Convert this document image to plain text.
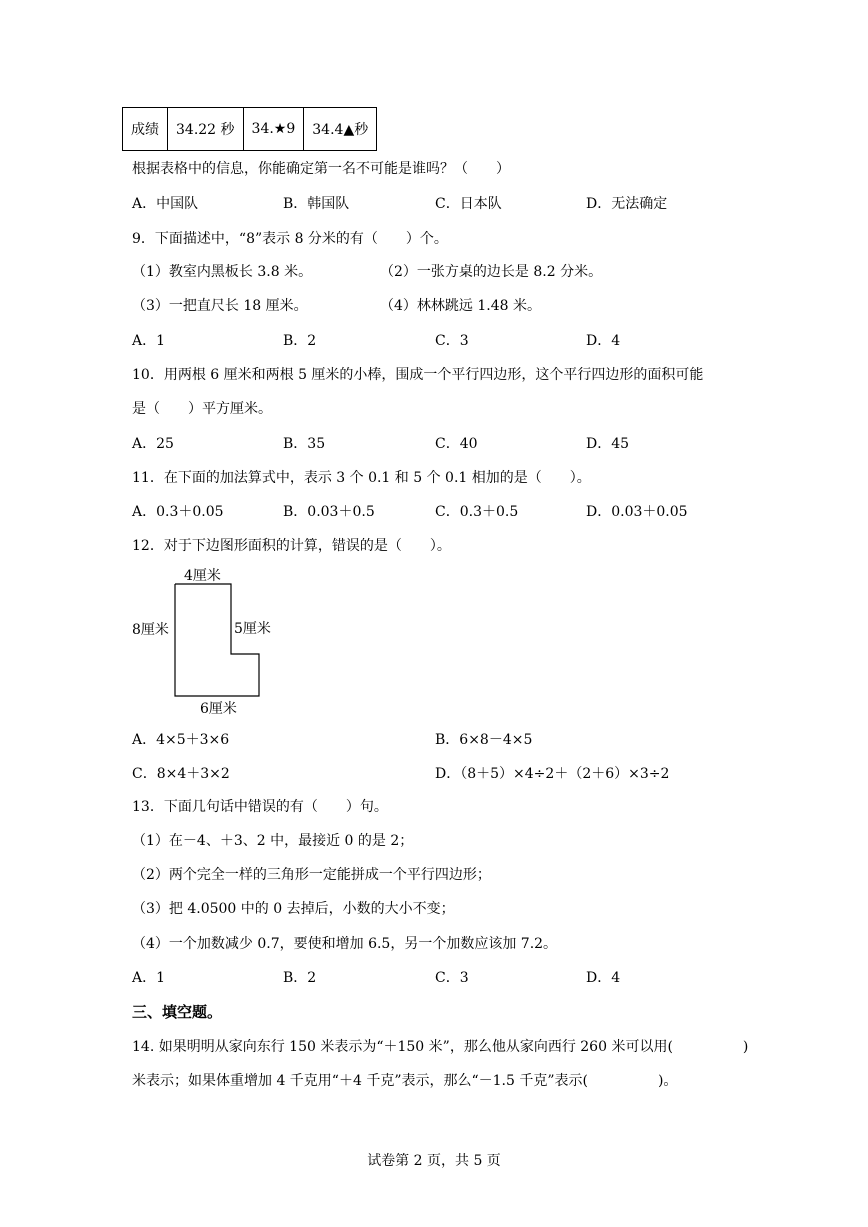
成绩	34.22 秒	34.★9	34.4▲秒
根据表格中的信息，你能确定第一名不可能是谁吗？（　　）
A．中国队	B．韩国队	C．日本队	D．无法确定
9．下面描述中，“8”表示 8 分米的有（　　）个。
（1）教室内黑板长 3.8 米。	（2）一张方桌的边长是 8.2 分米。
（3）一把直尺长 18 厘米。	（4）林林跳远 1.48 米。
A．1	B．2	C．3	D．4
10．用两根 6 厘米和两根 5 厘米的小棒，围成一个平行四边形，这个平行四边形的面积可能
是（　　）平方厘米。
A．25	B．35	C．40	D．45
11．在下面的加法算式中，表示 3 个 0.1 和 5 个 0.1 相加的是（　　）。
A．0.3＋0.05	B．0.03＋0.5	C．0.3＋0.5	D．0.03＋0.05
12．对于下边图形面积的计算，错误的是（　　）。
4厘米
8厘米	5厘米
6厘米
A．4×5＋3×6	B．6×8－4×5
C．8×4＋3×2	D．（8＋5）×4÷2＋（2＋6）×3÷2
13．下面几句话中错误的有（　　）句。
（1）在－4、＋3、2 中，最接近 0 的是 2；
（2）两个完全一样的三角形一定能拼成一个平行四边形；
（3）把 4.0500 中的 0 去掉后，小数的大小不变；
（4）一个加数减少 0.7，要使和增加 6.5，另一个加数应该加 7.2。
A．1	B．2	C．3	D．4
三、填空题。
14. 如果明明从家向东行 150 米表示为“＋150 米”，那么他从家向西行 260 米可以用(　　　　　)
米表示；如果体重增加 4 千克用“＋4 千克”表示，那么“－1.5 千克”表示(　　　　　)。
试卷第 2 页，共 5 页
